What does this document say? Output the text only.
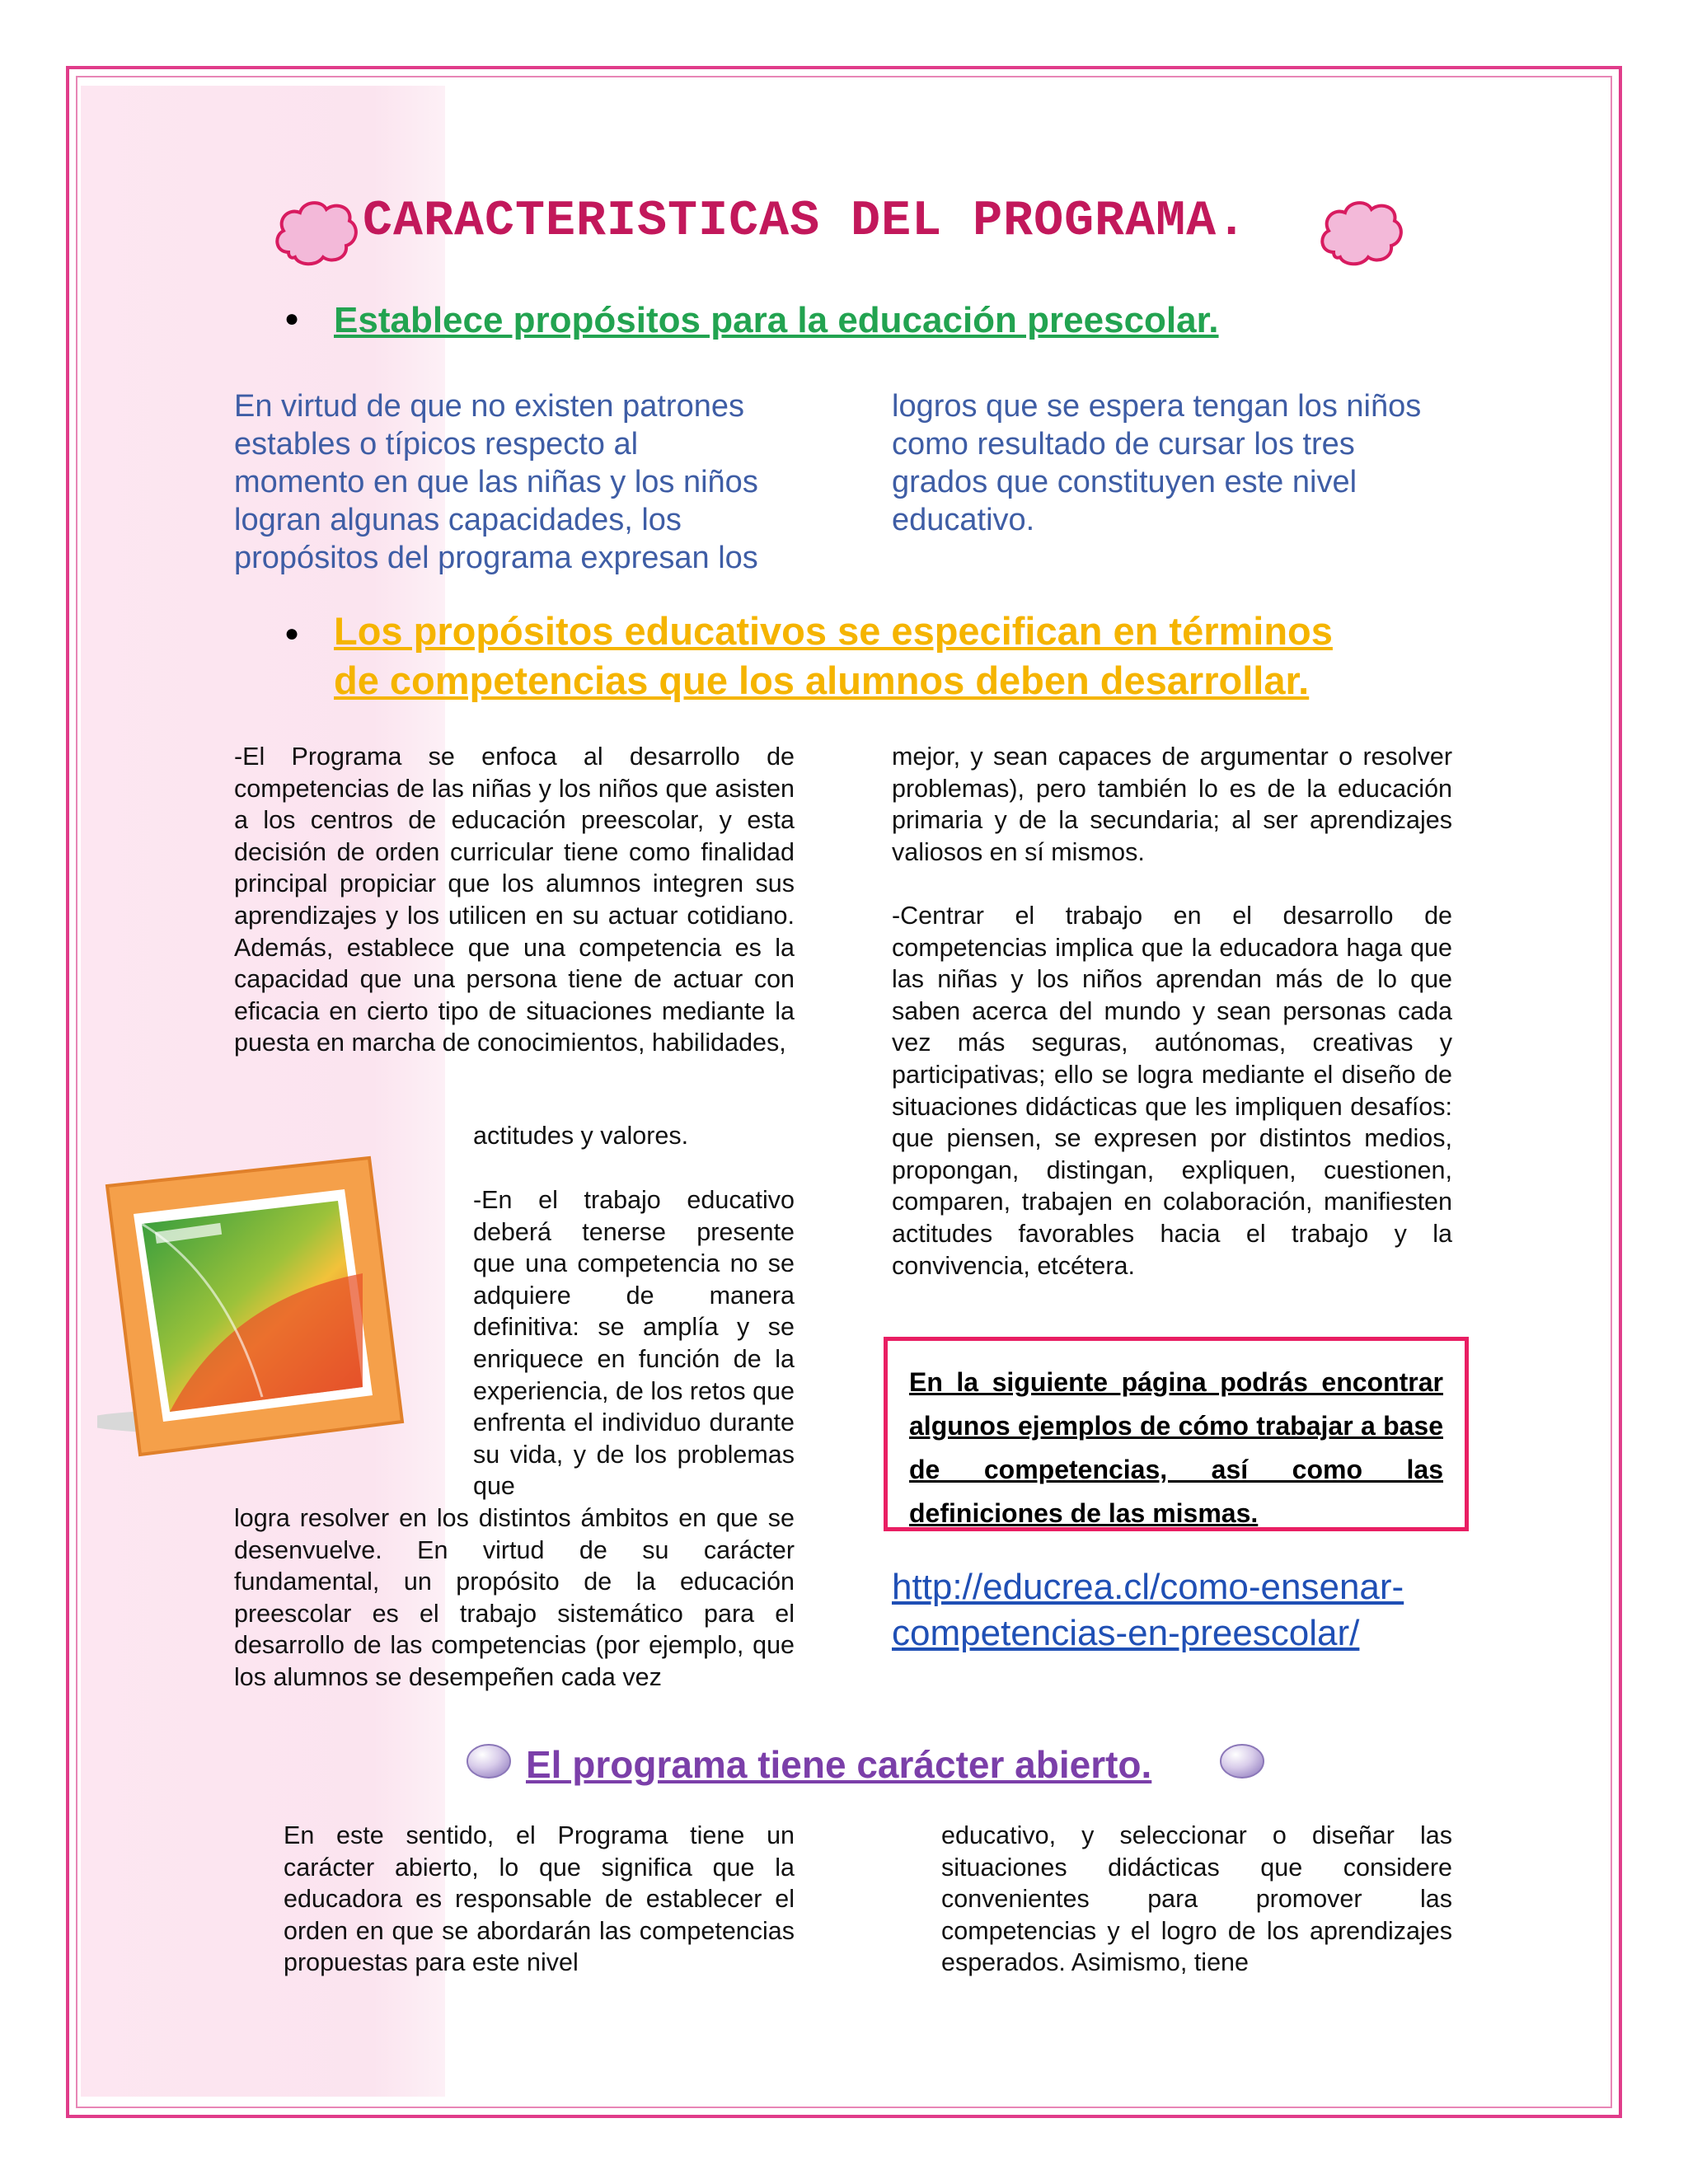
CARACTERISTICAS DEL PROGRAMA.
● Establece propósitos para la educación preescolar.
En virtud de que no existen patrones
estables o típicos respecto al
momento en que las niñas y los niños
logran algunas capacidades, los
propósitos del programa expresan los
logros que se espera tengan los niños
como resultado de cursar los tres
grados que constituyen este nivel
educativo.
● Los propósitos educativos se especifican en términos
de competencias que los alumnos deben desarrollar.
-El Programa se enfoca al desarrollo de competencias de las niñas y los niños que asisten a los centros de educación preescolar, y esta decisión de orden curricular tiene como finalidad principal propiciar que los alumnos integren sus aprendizajes y los utilicen en su actuar cotidiano. Además, establece que una competencia es la capacidad que una persona tiene de actuar con eficacia en cierto tipo de situaciones mediante la puesta en marcha de conocimientos, habilidades,
actitudes y valores.
-En el trabajo educativo deberá tenerse presente que una competencia no se adquiere de manera definitiva: se amplía y se enriquece en función de la experiencia, de los retos que enfrenta el individuo durante su vida, y de los problemas que
logra resolver en los distintos ámbitos en que se desenvuelve. En virtud de su carácter fundamental, un propósito de la educación preescolar es el trabajo sistemático para el desarrollo de las competencias (por ejemplo, que los alumnos se desempeñen cada vez
mejor, y sean capaces de argumentar o resolver problemas), pero también lo es de la educación primaria y de la secundaria; al ser aprendizajes valiosos en sí mismos.
-Centrar el trabajo en el desarrollo de competencias implica que la educadora haga que las niñas y los niños aprendan más de lo que saben acerca del mundo y sean personas cada vez más seguras, autónomas, creativas y participativas; ello se logra mediante el diseño de situaciones didácticas que les impliquen desafíos: que piensen, se expresen por distintos medios, propongan, distingan, expliquen, cuestionen, comparen, trabajen en colaboración, manifiesten actitudes favorables hacia el trabajo y la convivencia, etcétera.
En la siguiente página podrás encontrar algunos ejemplos de cómo trabajar a base de competencias, así como las definiciones de las mismas.
http://educrea.cl/como-ensenar-
competencias-en-preescolar/
El programa tiene carácter abierto.
En este sentido, el Programa tiene un carácter abierto, lo que significa que la educadora es responsable de establecer el orden en que se abordarán las competencias propuestas para este nivel
educativo, y seleccionar o diseñar las situaciones didácticas que considere convenientes para promover las competencias y el logro de los aprendizajes esperados. Asimismo, tiene
